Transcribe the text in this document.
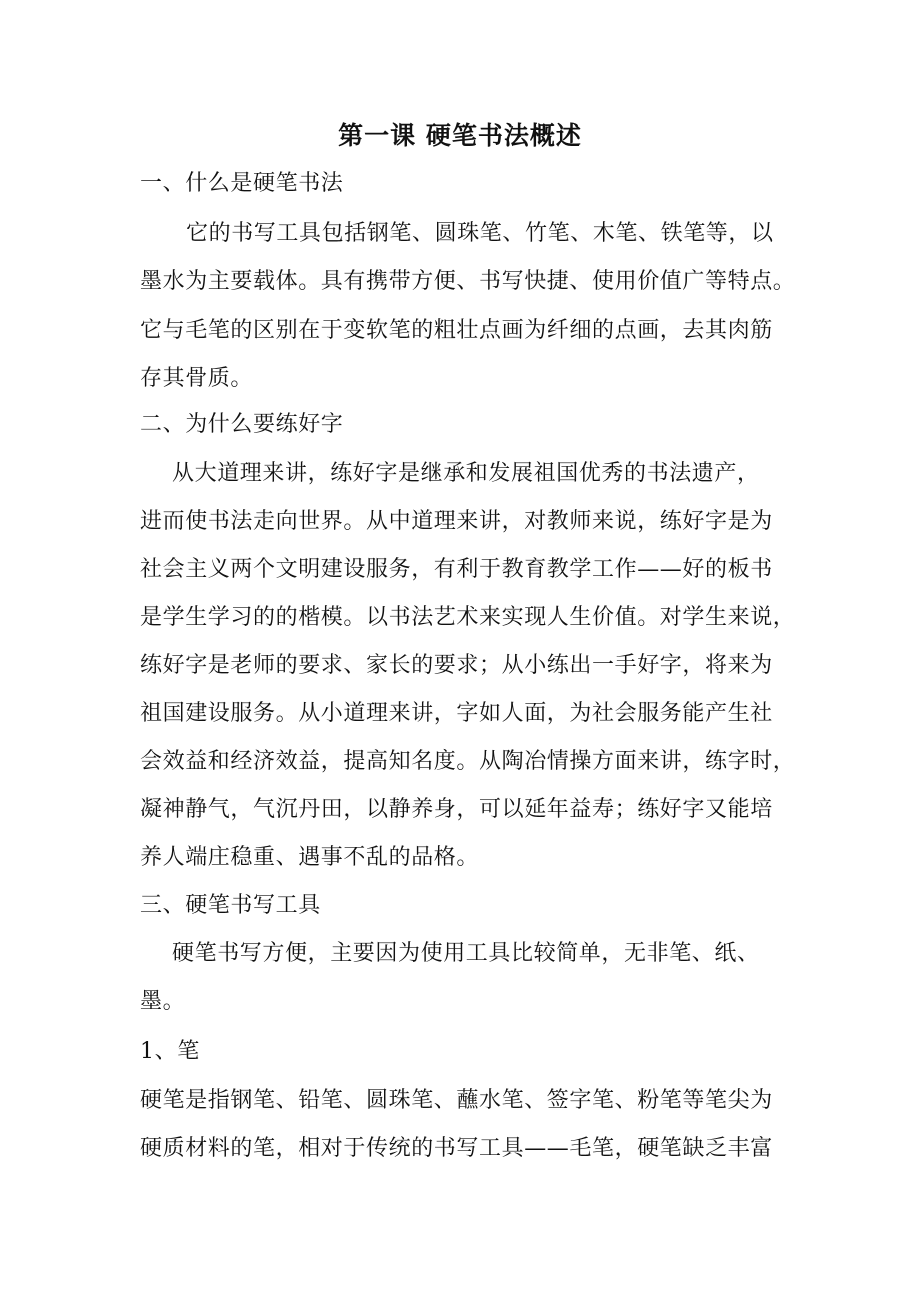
第一课 硬笔书法概述
一、什么是硬笔书法
它的书写工具包括钢笔、圆珠笔、竹笔、木笔、铁笔等，以
墨水为主要载体。具有携带方便、书写快捷、使用价值广等特点。
它与毛笔的区别在于变软笔的粗壮点画为纤细的点画，去其肉筋
存其骨质。
二、为什么要练好字
从大道理来讲，练好字是继承和发展祖国优秀的书法遗产，
进而使书法走向世界。从中道理来讲，对教师来说，练好字是为
社会主义两个文明建设服务，有利于教育教学工作——好的板书
是学生学习的的楷模。以书法艺术来实现人生价值。对学生来说，
练好字是老师的要求、家长的要求；从小练出一手好字，将来为
祖国建设服务。从小道理来讲，字如人面，为社会服务能产生社
会效益和经济效益，提高知名度。从陶冶情操方面来讲，练字时，
凝神静气，气沉丹田，以静养身，可以延年益寿；练好字又能培
养人端庄稳重、遇事不乱的品格。
三、硬笔书写工具
硬笔书写方便，主要因为使用工具比较简单，无非笔、纸、
墨。
1、笔
硬笔是指钢笔、铅笔、圆珠笔、蘸水笔、签字笔、粉笔等笔尖为
硬质材料的笔，相对于传统的书写工具——毛笔，硬笔缺乏丰富
